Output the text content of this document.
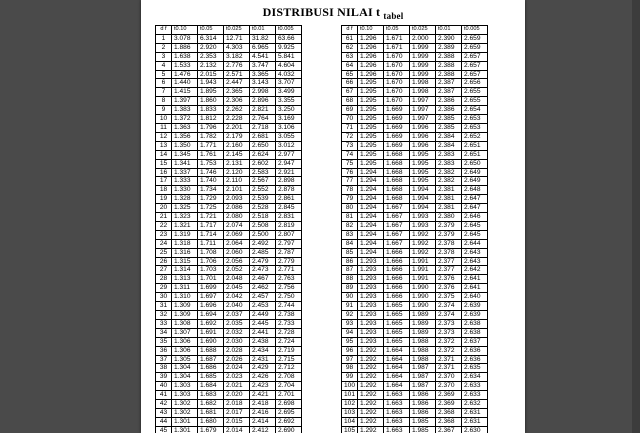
DISTRIBUSI NILAI t $_{tabel}$
d f	t0.10	t0.05	t0.025	t0.01	t0.005
1	3.078	6.314	12.71	31.82	63.66
2	1.886	2.920	4.303	6.965	9.925
3	1.638	2.353	3.182	4.541	5.841
4	1.533	2.132	2.776	3.747	4.604
5	1.476	2.015	2.571	3.365	4.032
6	1.440	1.943	2.447	3.143	3.707
7	1.415	1.895	2.365	2.998	3.499
8	1.397	1.860	2.306	2.896	3.355
9	1.383	1.833	2.262	2.821	3.250
10	1.372	1.812	2.228	2.764	3.169
11	1.363	1.796	2.201	2.718	3.106
12	1.356	1.782	2.179	2.681	3.055
13	1.350	1.771	2.160	2.650	3.012
14	1.345	1.761	2.145	2.624	2.977
15	1.341	1.753	2.131	2.602	2.947
16	1.337	1.746	2.120	2.583	2.921
17	1.333	1.740	2.110	2.567	2.898
18	1.330	1.734	2.101	2.552	2.878
19	1.328	1.729	2.093	2.539	2.861
20	1.325	1.725	2.086	2.528	2.845
21	1.323	1.721	2.080	2.518	2.831
22	1.321	1.717	2.074	2.508	2.819
23	1.319	1.714	2.069	2.500	2.807
24	1.318	1.711	2.064	2.492	2.797
25	1.316	1.708	2.060	2.485	2.787
26	1.315	1.706	2.056	2.479	2.779
27	1.314	1.703	2.052	2.473	2.771
28	1.313	1.701	2.048	2.467	2.763
29	1.311	1.699	2.045	2.462	2.756
30	1.310	1.697	2.042	2.457	2.750
31	1.309	1.696	2.040	2.453	2.744
32	1.309	1.694	2.037	2.449	2.738
33	1.308	1.692	2.035	2.445	2.733
34	1.307	1.691	2.032	2.441	2.728
35	1.306	1.690	2.030	2.438	2.724
36	1.306	1.688	2.028	2.434	2.719
37	1.305	1.687	2.026	2.431	2.715
38	1.304	1.686	2.024	2.429	2.712
39	1.304	1.685	2.023	2.426	2.708
40	1.303	1.684	2.021	2.423	2.704
41	1.303	1.683	2.020	2.421	2.701
42	1.302	1.682	2.018	2.418	2.698
43	1.302	1.681	2.017	2.416	2.695
44	1.301	1.680	2.015	2.414	2.692
45	1.301	1.679	2.014	2.412	2.690
d f	t0.10	t0.05	t0.025	t0.01	t0.005
61	1.296	1.671	2.000	2.390	2.659
62	1.296	1.671	1.999	2.389	2.659
63	1.296	1.670	1.999	2.388	2.657
64	1.296	1.670	1.999	2.388	2.657
65	1.296	1.670	1.999	2.388	2.657
66	1.295	1.670	1.998	2.387	2.656
67	1.295	1.670	1.998	2.387	2.655
68	1.295	1.670	1.997	2.386	2.655
69	1.295	1.669	1.997	2.386	2.654
70	1.295	1.669	1.997	2.385	2.653
71	1.295	1.669	1.996	2.385	2.653
72	1.295	1.669	1.996	2.384	2.652
73	1.295	1.669	1.996	2.384	2.651
74	1.295	1.668	1.995	2.383	2.651
75	1.295	1.668	1.995	2.383	2.650
76	1.294	1.668	1.995	2.382	2.649
77	1.294	1.668	1.995	2.382	2.649
78	1.294	1.668	1.994	2.381	2.648
79	1.294	1.668	1.994	2.381	2.647
80	1.294	1.667	1.994	2.381	2.647
81	1.294	1.667	1.993	2.380	2.646
82	1.294	1.667	1.993	2.379	2.645
83	1.294	1.667	1.992	2.379	2.645
84	1.294	1.667	1.992	2.378	2.644
85	1.294	1.666	1.992	2.378	2.643
86	1.293	1.666	1.991	2.377	2.643
87	1.293	1.666	1.991	2.377	2.642
88	1.293	1.666	1.991	2.376	2.641
89	1.293	1.666	1.990	2.376	2.641
90	1.293	1.666	1.990	2.375	2.640
91	1.293	1.665	1.990	2.374	2.639
92	1.293	1.665	1.989	2.374	2.639
93	1.293	1.665	1.989	2.373	2.638
94	1.293	1.665	1.989	2.373	2.638
95	1.293	1.665	1.988	2.372	2.637
96	1.292	1.664	1.988	2.372	2.636
97	1.292	1.664	1.988	2.371	2.636
98	1.292	1.664	1.987	2.371	2.635
99	1.292	1.664	1.987	2.370	2.634
100	1.292	1.664	1.987	2.370	2.633
101	1.292	1.663	1.986	2.369	2.633
102	1.292	1.663	1.986	2.369	2.632
103	1.292	1.663	1.986	2.368	2.631
104	1.292	1.663	1.985	2.368	2.631
105	1.292	1.663	1.985	2.367	2.630
